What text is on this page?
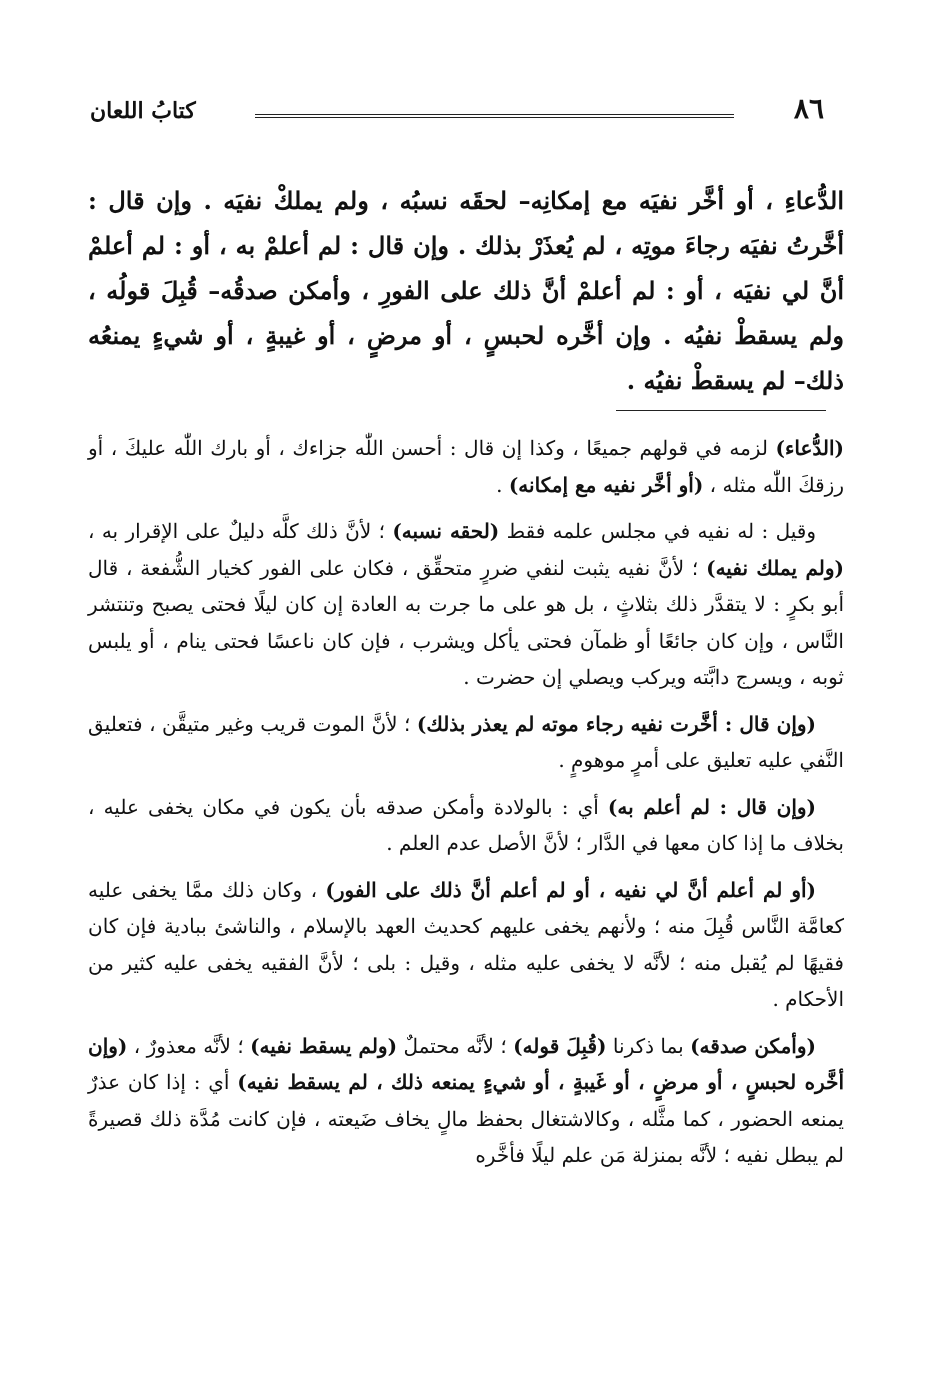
٨٦
كتابُ اللعان

الدُّعاءِ ، أو أخَّر نفيَه مع إمكانِه– لحقَه نسبُه ، ولم يملكْ نفيَه . وإن قال : أخَّرتُ نفيَه رجاءَ موتِه ، لم يُعذَرْ بذلك . وإن قال : لم أعلمْ به ، أو : لم أعلمْ أنَّ لي نفيَه ، أو : لم أعلمْ أنَّ ذلك على الفورِ ، وأمكن صدقُه– قُبِلَ قولُه ، ولم يسقطْ نفيُه . وإن أخَّره لحبسٍ ، أو مرضٍ ، أو غيبةٍ ، أو شيءٍ يمنعُه ذلك– لم يسقطْ نفيُه .

(الدُّعاء) لزمه في قولهم جميعًا ، وكذا إن قال : أحسن اللّٰه جزاءك ، أو بارك اللّٰه عليكَ ، أو رزقكَ اللّٰه مثله ، (أو أخَّر نفيه مع إمكانه) .

وقيل : له نفيه في مجلس علمه فقط (لحقه نسبه) ؛ لأنَّ ذلك كلَّه دليلٌ على الإقرار به ، (ولم يملك نفيه) ؛ لأنَّ نفيه يثبت لنفي ضررٍ متحقِّق ، فكان على الفور كخيار الشُّفعة ، قال أبو بكرٍ : لا يتقدَّر ذلك بثلاثٍ ، بل هو على ما جرت به العادة إن كان ليلًا فحتى يصبح وتنتشر النَّاس ، وإن كان جائعًا أو ظمآن فحتى يأكل ويشرب ، فإن كان ناعسًا فحتى ينام ، أو يلبس ثوبه ، ويسرج دابَّته ويركب ويصلي إن حضرت .

(وإن قال : أخَّرت نفيه رجاء موته لم يعذر بذلك) ؛ لأنَّ الموت قريب وغير متيقَّن ، فتعليق النَّفي عليه تعليق على أمرٍ موهومٍ .

(وإن قال : لم أعلم به) أي : بالولادة وأمكن صدقه بأن يكون في مكان يخفى عليه ، بخلاف ما إذا كان معها في الدَّار ؛ لأنَّ الأصل عدم العلم .

(أو لم أعلم أنَّ لي نفيه ، أو لم أعلم أنَّ ذلك على الفور) ، وكان ذلك ممَّا يخفى عليه كعامَّة النَّاس قُبِلَ منه ؛ ولأنهم يخفى عليهم كحديث العهد بالإسلام ، والناشئ ببادية فإن كان فقيهًا لم يُقبل منه ؛ لأنَّه لا يخفى عليه مثله ، وقيل : بلى ؛ لأنَّ الفقيه يخفى عليه كثير من الأحكام .

(وأمكن صدقه) بما ذكرنا (قُبِلَ قوله) ؛ لأنَّه محتملٌ (ولم يسقط نفيه) ؛ لأنَّه معذورٌ ، (وإن أخَّره لحبسٍ ، أو مرضٍ ، أو غَيبةٍ ، أو شيءٍ يمنعه ذلك ، لم يسقط نفيه) أي : إذا كان عذرٌ يمنعه الحضور ، كما مثَّله ، وكالاشتغال بحفظ مالٍ يخاف ضَيعته ، فإن كانت مُدَّة ذلك قصيرةً لم يبطل نفيه ؛ لأنَّه بمنزلة مَن علم ليلًا فأخَّره
